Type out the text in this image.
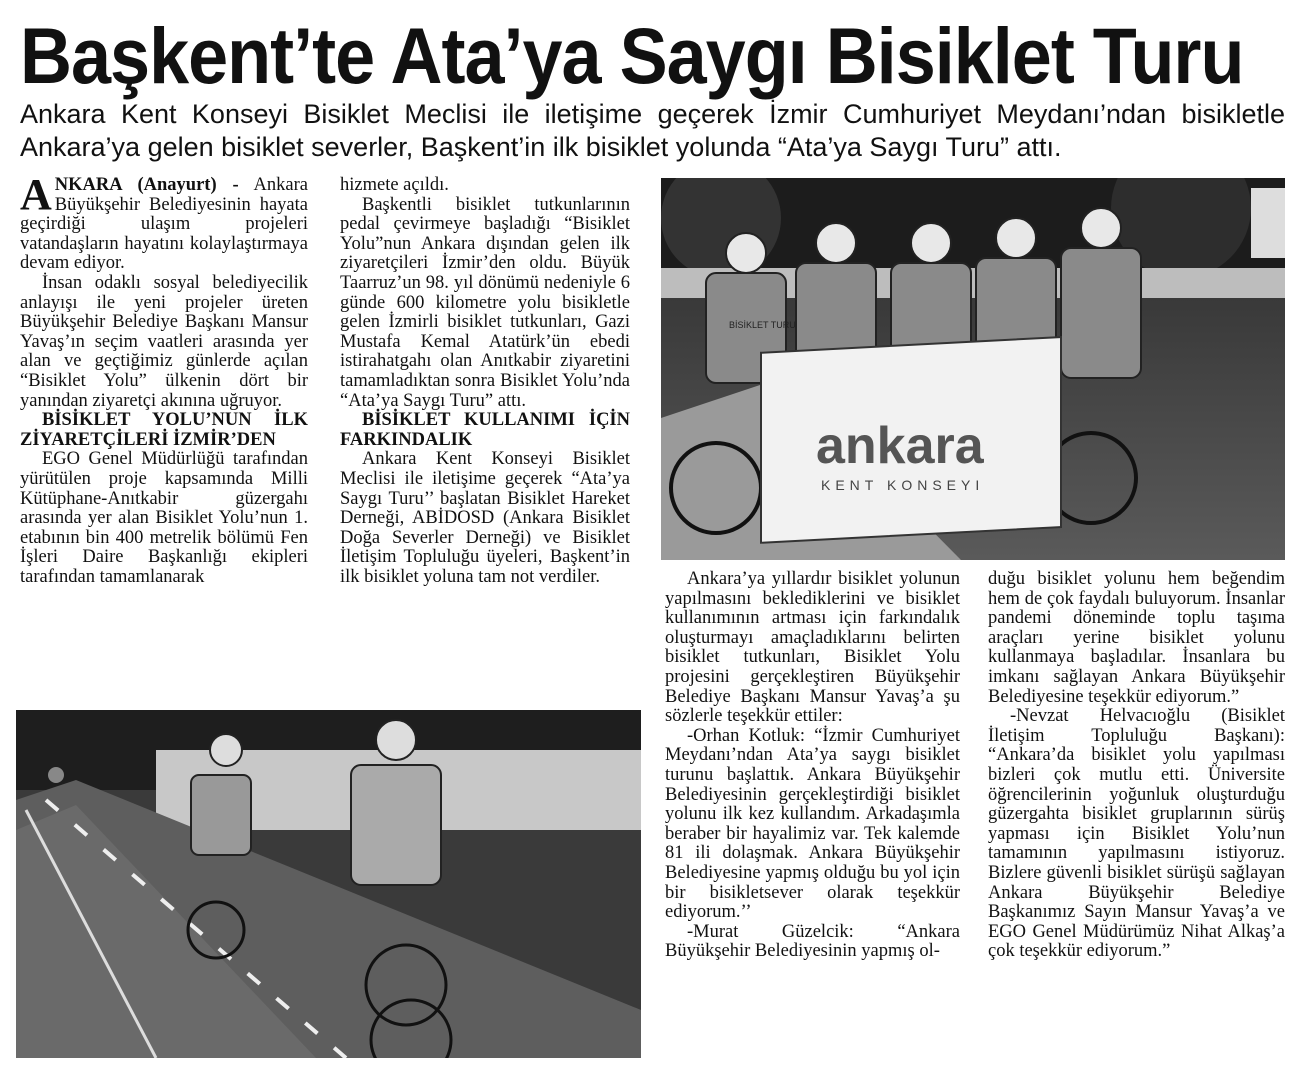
Başkent’te Ata’ya Saygı Bisiklet Turu
Ankara Kent Konseyi Bisiklet Meclisi ile iletişime geçerek İzmir Cumhuriyet Meydanı’ndan bisikletle Ankara’ya gelen bisiklet severler, Başkent’in ilk bisiklet yolunda “Ata’ya Saygı Turu” attı.

ANKARA (Anayurt) - Ankara Büyükşehir Belediyesinin hayata geçirdiği ulaşım projeleri vatandaşların hayatını kolaylaştırmaya devam ediyor.

İnsan odaklı sosyal belediyecilik anlayışı ile yeni projeler üreten Büyükşehir Belediye Başkanı Mansur Yavaş’ın seçim vaatleri arasında yer alan ve geçtiğimiz günlerde açılan “Bisiklet Yolu” ülkenin dört bir yanından ziyaretçi akınına uğruyor.

BİSİKLET YOLU’NUN İLK ZİYARETÇİLERİ İZMİR’DEN

EGO Genel Müdürlüğü tarafından yürütülen proje kapsamında Milli Kütüphane-Anıtkabir güzergahı arasında yer alan Bisiklet Yolu’nun 1. etabının bin 400 metrelik bölümü Fen İşleri Daire Başkanlığı ekipleri tarafından tamamlanarak

hizmete açıldı.

Başkentli bisiklet tutkunlarının pedal çevirmeye başladığı “Bisiklet Yolu”nun Ankara dışından gelen ilk ziyaretçileri İzmir’den oldu. Büyük Taarruz’un 98. yıl dönümü nedeniyle 6 günde 600 kilometre yolu bisikletle gelen İzmirli bisiklet tutkunları, Gazi Mustafa Kemal Atatürk’ün ebedi istirahatgahı olan Anıtkabir ziyaretini tamamladıktan sonra Bisiklet Yolu’nda “Ata’ya Saygı Turu” attı.

BİSİKLET KULLANIMI İÇİN FARKINDALIK

Ankara Kent Konseyi Bisiklet Meclisi ile iletişime geçerek “Ata’ya Saygı Turu’’ başlatan Bisiklet Hareket Derneği, ABİDOSD (Ankara Bisiklet Doğa Severler Derneği) ve Bisiklet İletişim Topluluğu üyeleri, Başkent’in ilk bisiklet yoluna tam not verdiler.

ankara
KENT KONSEYI
BİSİKLET TURU

Ankara’ya yıllardır bisiklet yolunun yapılmasını beklediklerini ve bisiklet kullanımının artması için farkındalık oluşturmayı amaçladıklarını belirten bisiklet tutkunları, Bisiklet Yolu projesini gerçekleştiren Büyükşehir Belediye Başkanı Mansur Yavaş’a şu sözlerle teşekkür ettiler:

-Orhan Kotluk: “İzmir Cumhuriyet Meydanı’ndan Ata’ya saygı bisiklet turunu başlattık. Ankara Büyükşehir Belediyesinin gerçekleştirdiği bisiklet yolunu ilk kez kullandım. Arkadaşımla beraber bir hayalimiz var. Tek kalemde 81 ili dolaşmak. Ankara Büyükşehir Belediyesine yapmış olduğu bu yol için bir bisikletsever olarak teşekkür ediyorum.’’

-Murat Güzelcik: “Ankara Büyükşehir Belediyesinin yapmış ol-

duğu bisiklet yolunu hem beğendim hem de çok faydalı buluyorum. İnsanlar pandemi döneminde toplu taşıma araçları yerine bisiklet yolunu kullanmaya başladılar. İnsanlara bu imkanı sağlayan Ankara Büyükşehir Belediyesine teşekkür ediyorum.”

-Nevzat Helvacıoğlu (Bisiklet İletişim Topluluğu Başkanı): “Ankara’da bisiklet yolu yapılması bizleri çok mutlu etti. Üniversite öğrencilerinin yoğunluk oluşturduğu güzergahta bisiklet gruplarının sürüş yapması için Bisiklet Yolu’nun tamamının yapılmasını istiyoruz. Bizlere güvenli bisiklet sürüşü sağlayan Ankara Büyükşehir Belediye Başkanımız Sayın Mansur Yavaş’a ve EGO Genel Müdürümüz Nihat Alkaş’a çok teşekkür ediyorum.”
